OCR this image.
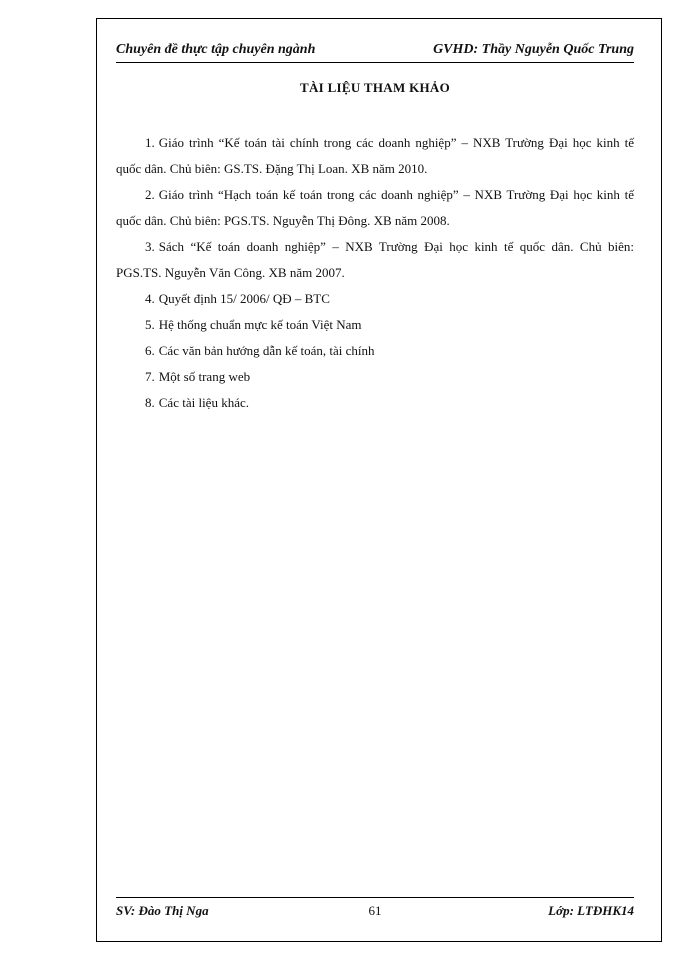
Chuyên đề thực tập chuyên ngành	GVHD: Thầy Nguyễn Quốc Trung
TÀI LIỆU THAM KHẢO

1. Giáo trình “Kế toán tài chính trong các doanh nghiệp” – NXB Trường Đại học kinh tế quốc dân. Chủ biên: GS.TS. Đặng Thị Loan. XB năm 2010.

2. Giáo trình “Hạch toán kế toán trong các doanh nghiệp” – NXB Trường Đại học kinh tế quốc dân. Chủ biên: PGS.TS. Nguyễn Thị Đông. XB năm 2008.

3. Sách “Kế toán doanh nghiệp” – NXB Trường Đại học kinh tế quốc dân. Chủ biên: PGS.TS. Nguyễn Văn Công. XB năm 2007.

4. Quyết định 15/ 2006/ QĐ – BTC

5. Hệ thống chuẩn mực kế toán Việt Nam

6. Các văn bản hướng dẫn kế toán, tài chính

7. Một số trang web

8. Các tài liệu khác.

SV: Đào Thị Nga	61	Lớp: LTĐHK14
